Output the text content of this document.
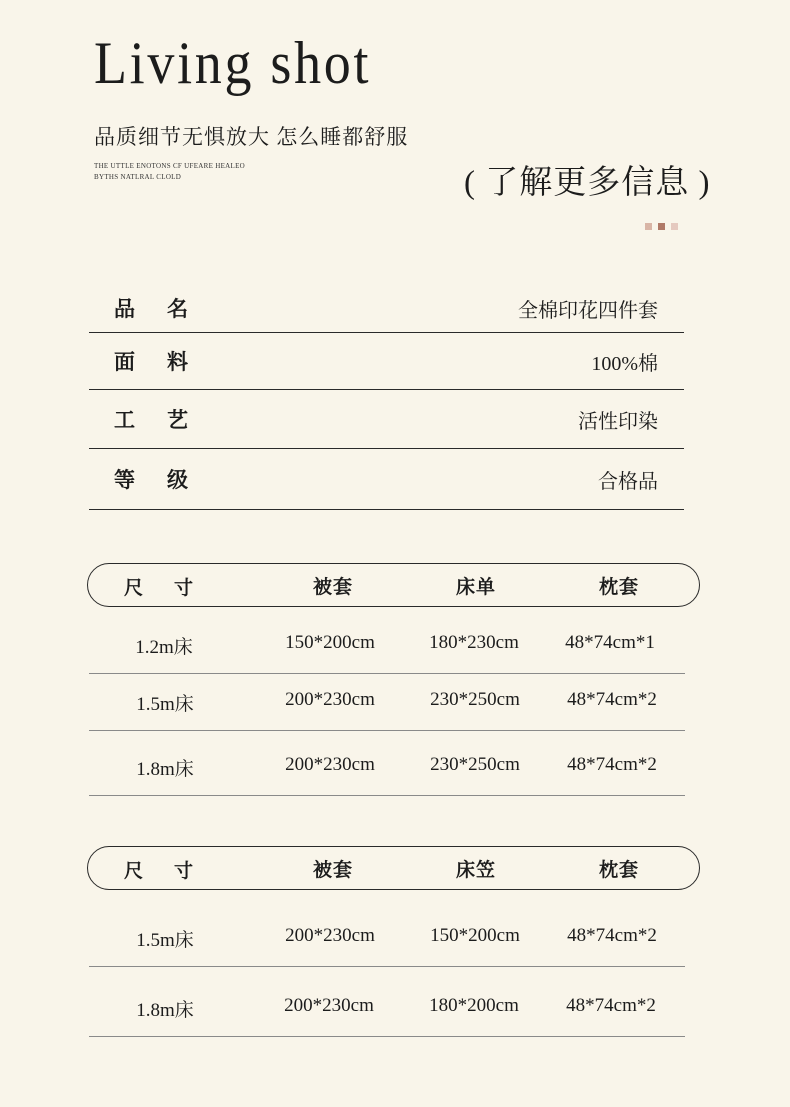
Living shot
品质细节无惧放大 怎么睡都舒服
THE UTTLE ENOTONS CF UFEARE HEALEO
BYTHS NATLRAL CLOLD	( 了解更多信息 )
品 名	全棉印花四件套
面 料	100%棉
工 艺	活性印染
等 级	合格品
尺 寸	被套	床单	枕套
1.2m床	150*200cm	180*230cm 48*74cm*1
1.5m床	200*230cm	230*250cm 48*74cm*2
1.8m床	200*230cm	230*250cm 48*74cm*2
尺 寸	被套	床笠	枕套
1.5m床	200*230cm	150*200cm 48*74cm*2
1.8m床	200*230cm	180*200cm 48*74cm*2
